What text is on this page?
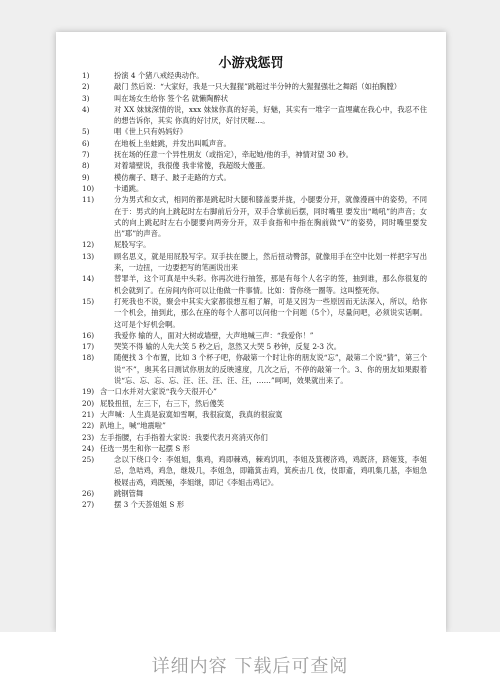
小游戏惩罚
1)	扮演 4 个猪八戒经典动作。
2)	敲门 然后说：“大家好，我是一只大猩猩”跳超过半分钟的大猩猩强壮之舞蹈（如拍胸膛）
3)	叫在场女生给你 签个名 就懒陶醉状
4)	对 XX 妹妹深情的说，xxx 妹妹你真的好美，好魅，其实有一堆字一直埋藏在我心中，我忍不住的想告诉你，其实 你真的好讨厌，好讨厌喔…。
5)	唱《世上只有妈妈好》
6)	在地板上坐蛙跳，并发出叫呱声音。
7)	抚在场的任意一个异性朋友（或指定），牵起她/他的手，神情对望 30 秒。
8)	对着墙壁说，我很傻 我非常傻，我超级大傻蛋。
9)	模仿瘸子、瞎子、跛子走路的方式。
10)	卡通跳。
11)	分为男式和女式，相同的都是跳起时大腿和膝盖要并拢，小腿要分开，就像漫画中的姿势，不同在于：男式的向上跳起时左右脚前后分开，双手合掌前后摆，同时嘴里 要发出“呦吼”的声音；女式的向上跳起时左右小腿要向两旁分开，双手食指和中指在胸前做“V”的姿势，同时嘴里要发出”耶”的声音。
12)	屁股写字。
13)	顾名思义，就是用屁股写字。双手扶在腰上，然后扭动臀部，就像用手在空中比划一样把字写出来，一边扭，一边要把写的笔画说出来
14)	替罪羊，这个可真是中头彩。你再次进行抽签，那是有每个人名字的签，抽到谁，那么你很复的机会就到了。在房间内你可以让他做一件事情。比如：背你绕一圈等。这叫整死你。
15)	打死我也不说，聚会中其实大家都很想互相了解，可是又因为一些原因而无法深入，所以，给你一个机会，抽到此，那么在座的每个人都可以问他一个问题（5个），尽量问吧，必须说实话啊。这可是个好机会啊。
16)	我爱你 输的人，面对大树或墙壁，大声地喊三声：“我爱你！”
17)	哭笑不得 输的人先大笑 5 秒之后，忽然又大哭 5 秒钟，反复 2-3 次。
18)	随便找 3 个布置，比如 3 个杯子吧，你敲第一个时让你的朋友说“忘”，敲第二个说“猜”，第三个说“不”，奥其名曰测试你朋友的反映速度，几次之后，不停的敲第一个。3、你的朋友如果跟着说“忘、忘、忘、忘、汪、汪、汪、汪、汪，……”呵呵，效果就出来了。
19) 含一口水并对大家说“我今天很开心”
20) 屁股扭扭，左三下，右三下，然后傻笑
21) 大声喊：人生真是寂寞如雪啊，我很寂寞，我真的很寂寞
22) 趴地上，喊“地震啦”
23) 左手指腰，右手指着大家说：我要代表月亮消灭你们
24) 任选一男生和你一起摆 S 形
25)	念以下绕口令：李姐姐，集鸡，鸡即棘鸡，棘鸡饥叽，李姐及箕稷济鸡，鸡既济，跻姬笈，李姐忌，急咭鸡，鸡急，继圾几，李姐急，即籍箕击鸡，箕疾击几 伎，伎即齑，鸡叽集几基，李姐急极屐击鸡，鸡既殛，李姐继，即记《李姐击鸡记》。
26)	跳钢管舞
27)	摆 3 个天荟姐姐 S 形
详细内容 下载后可查阅
